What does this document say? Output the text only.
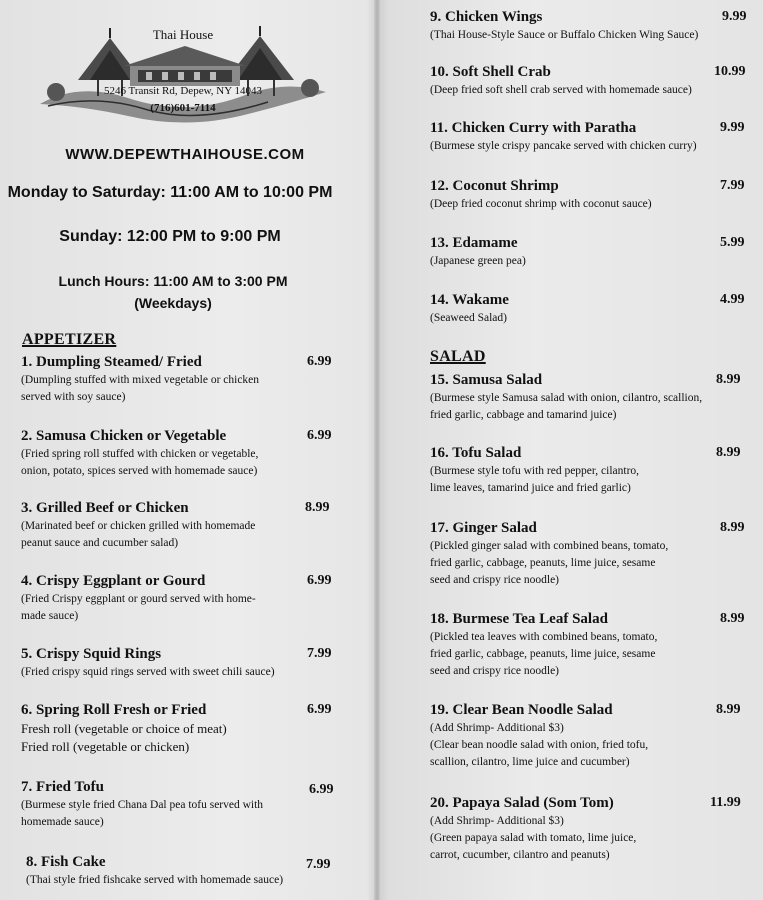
Thai House
5246 Transit Rd, Depew, NY 14043
(716)601-7114
WWW.DEPEWTHAIHOUSE.COM
Monday to Saturday: 11:00 AM to 10:00 PM
Sunday: 12:00 PM to 9:00 PM
Lunch Hours: 11:00 AM to 3:00 PM
(Weekdays)
APPETIZER
1. Dumpling Steamed/ Fried	6.99
(Dumpling stuffed with mixed vegetable or chicken
served with soy sauce)
2. Samusa Chicken or Vegetable	6.99
(Fried spring roll stuffed with chicken or vegetable,
onion, potato, spices served with homemade sauce)
3. Grilled Beef or Chicken	8.99
(Marinated beef or chicken grilled with homemade
peanut sauce and cucumber salad)
4. Crispy Eggplant or Gourd	6.99
(Fried Crispy eggplant or gourd served with home-
made sauce)
5. Crispy Squid Rings	7.99
(Fried crispy squid rings served with sweet chili sauce)
6. Spring Roll Fresh or Fried	6.99
Fresh roll (vegetable or choice of meat)
Fried roll (vegetable or chicken)
7. Fried Tofu	6.99
(Burmese style fried Chana Dal pea tofu served with
homemade sauce)
8. Fish Cake	7.99
(Thai style fried fishcake served with homemade sauce)
9. Chicken Wings	9.99
(Thai House-Style Sauce or Buffalo Chicken Wing Sauce)
10. Soft Shell Crab	10.99
(Deep fried soft shell crab served with homemade sauce)
11. Chicken Curry with Paratha	9.99
(Burmese style crispy pancake served with chicken curry)
12. Coconut Shrimp	7.99
(Deep fried coconut shrimp with coconut sauce)
13. Edamame	5.99
(Japanese green pea)
14. Wakame	4.99
(Seaweed Salad)
SALAD
15. Samusa Salad	8.99
(Burmese style Samusa salad with onion, cilantro, scallion,
fried garlic, cabbage and tamarind juice)
16. Tofu Salad	8.99
(Burmese style tofu with red pepper, cilantro,
lime leaves, tamarind juice and fried garlic)
17. Ginger Salad	8.99
(Pickled ginger salad with combined beans, tomato,
fried garlic, cabbage, peanuts, lime juice, sesame
seed and crispy rice noodle)
18. Burmese Tea Leaf Salad	8.99
(Pickled tea leaves with combined beans, tomato,
fried garlic, cabbage, peanuts, lime juice, sesame
seed and crispy rice noodle)
19. Clear Bean Noodle Salad	8.99
(Add Shrimp- Additional $3)
(Clear bean noodle salad with onion, fried tofu,
scallion, cilantro, lime juice and cucumber)
20. Papaya Salad (Som Tom)	11.99
(Add Shrimp- Additional $3)
(Green papaya salad with tomato, lime juice,
carrot, cucumber, cilantro and peanuts)
